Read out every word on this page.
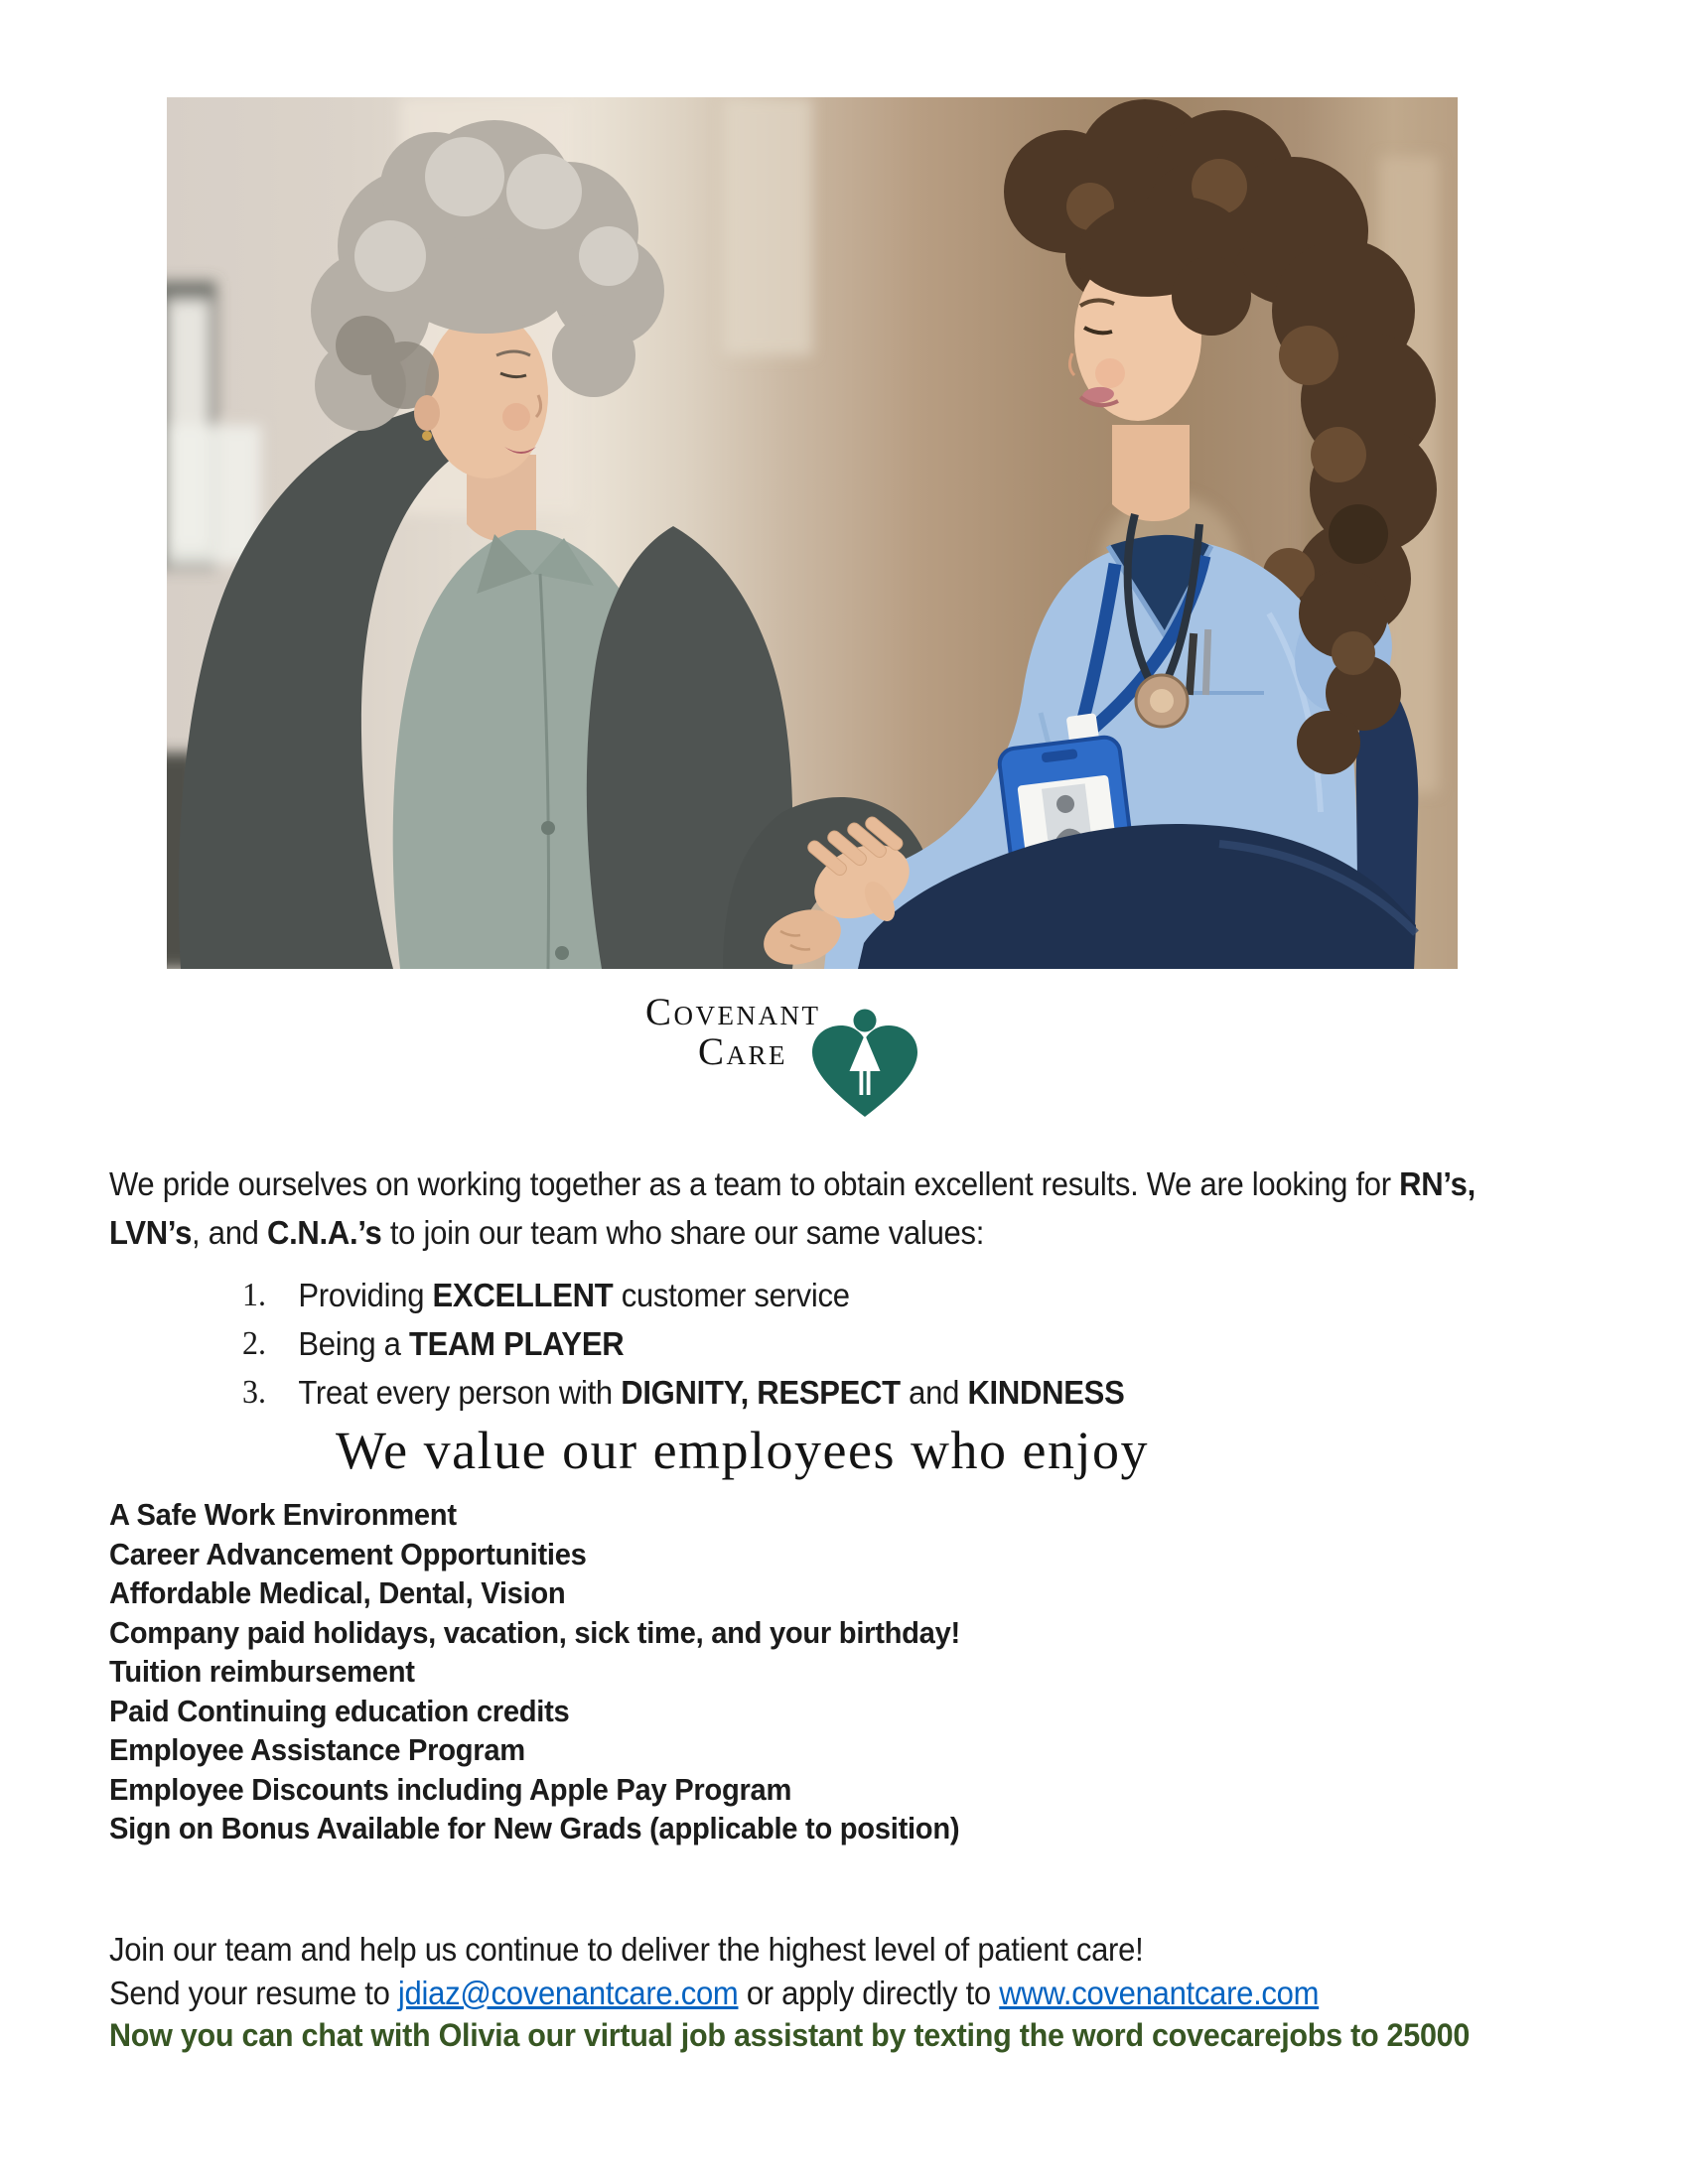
Covenant
Care
We pride ourselves on working together as a team to obtain excellent results. We are looking for RN’s,
LVN’s, and C.N.A.’s to join our team who share our same values:
1. Providing EXCELLENT customer service
2. Being a TEAM PLAYER
3. Treat every person with DIGNITY, RESPECT and KINDNESS
We value our employees who enjoy
A Safe Work Environment
Career Advancement Opportunities
Affordable Medical, Dental, Vision
Company paid holidays, vacation, sick time, and your birthday!
Tuition reimbursement
Paid Continuing education credits
Employee Assistance Program
Employee Discounts including Apple Pay Program
Sign on Bonus Available for New Grads (applicable to position)
Join our team and help us continue to deliver the highest level of patient care!
Send your resume to jdiaz@covenantcare.com or apply directly to www.covenantcare.com
Now you can chat with Olivia our virtual job assistant by texting the word covecarejobs to 25000
